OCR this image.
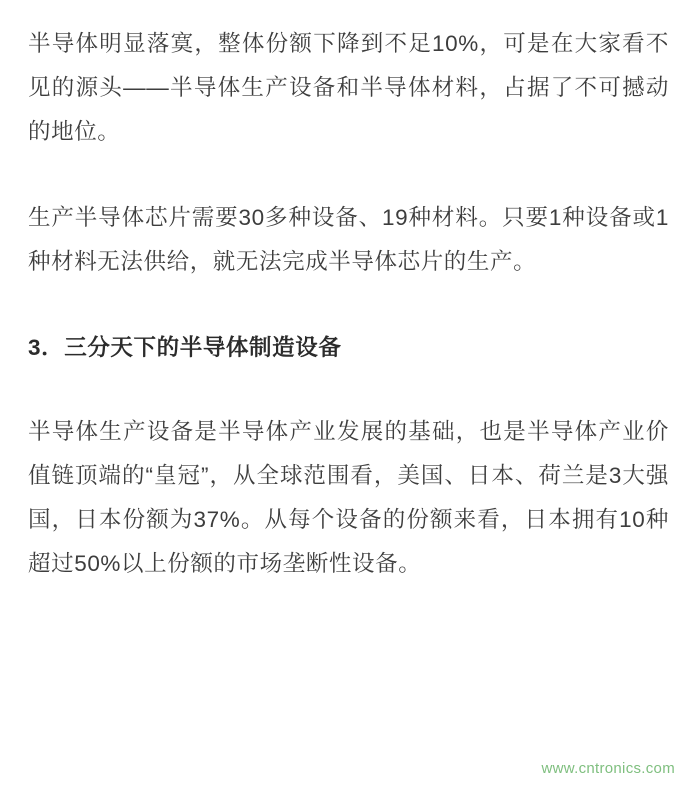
半导体明显落寞，整体份额下降到不足10%，可是在大家看不见的源头——半导体生产设备和半导体材料，占据了不可撼动的地位。

生产半导体芯片需要30多种设备、19种材料。只要1种设备或1种材料无法供给，就无法完成半导体芯片的生产。

3．三分天下的半导体制造设备

半导体生产设备是半导体产业发展的基础，也是半导体产业价值链顶端的“皇冠”，从全球范围看，美国、日本、荷兰是3大强国，日本份额为37%。从每个设备的份额来看，日本拥有10种超过50%以上份额的市场垄断性设备。

www.cntronics.com
